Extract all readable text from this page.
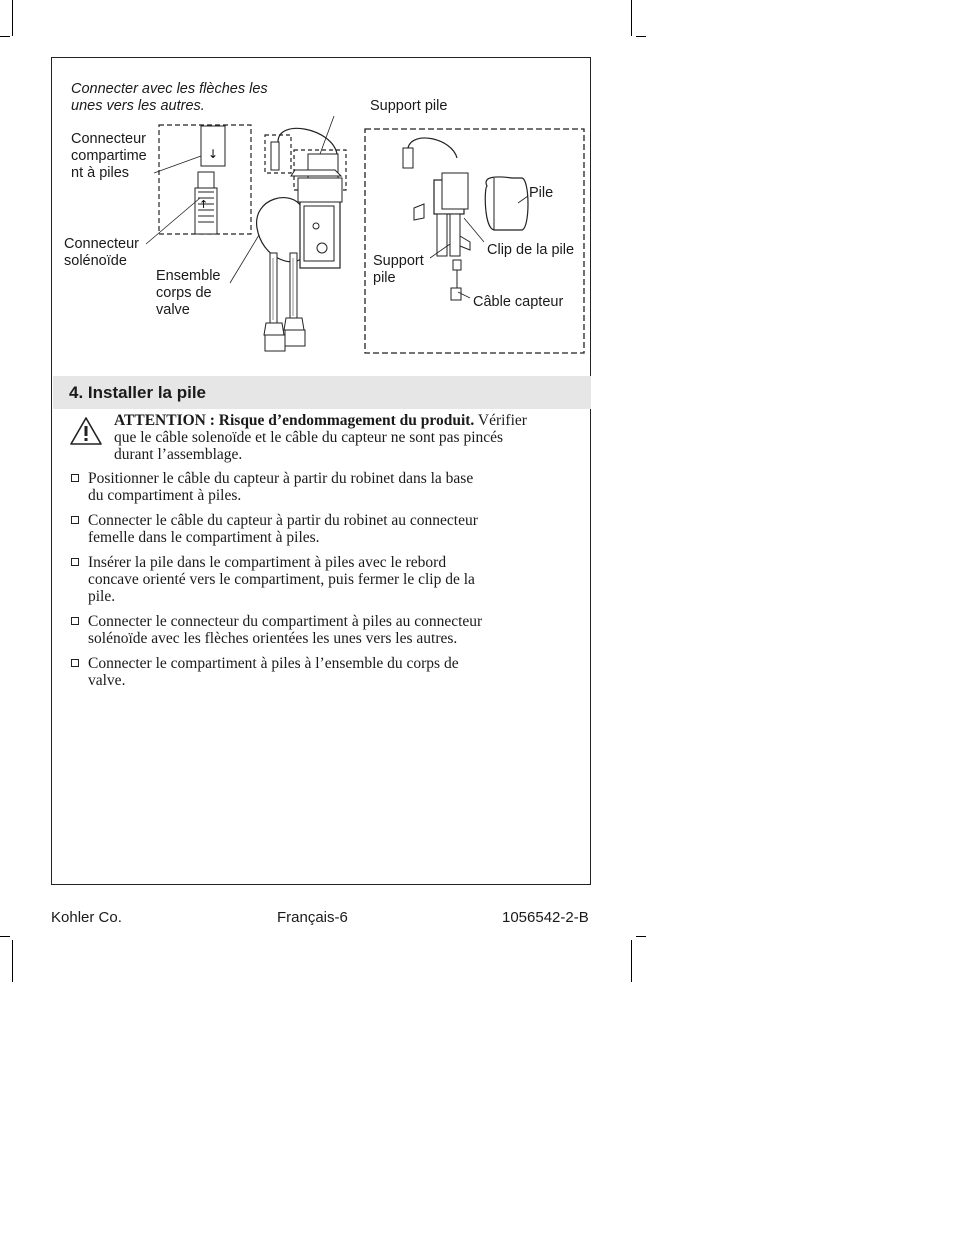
↓
↑
Connecter avec les flèches les
unes vers les autres.	Support pile
Connecteur
compartime
nt à piles
Connecteur
solénoïde
Ensemble
corps de
valve
Pile
Clip de la pile
Support
pile
Câble capteur
4. Installer la pile
ATTENTION : Risque d’endommagement du produit. Vérifier
que le câble solenoïde et le câble du capteur ne sont pas pincés
durant l’assemblage.
Positionner le câble du capteur à partir du robinet dans la base
du compartiment à piles.
Connecter le câble du capteur à partir du robinet au connecteur
femelle dans le compartiment à piles.
Insérer la pile dans le compartiment à piles avec le rebord
concave orienté vers le compartiment, puis fermer le clip de la
pile.
Connecter le connecteur du compartiment à piles au connecteur
solénoïde avec les flèches orientées les unes vers les autres.
Connecter le compartiment à piles à l’ensemble du corps de
valve.
Kohler Co.	Français-6	1056542-2-B
